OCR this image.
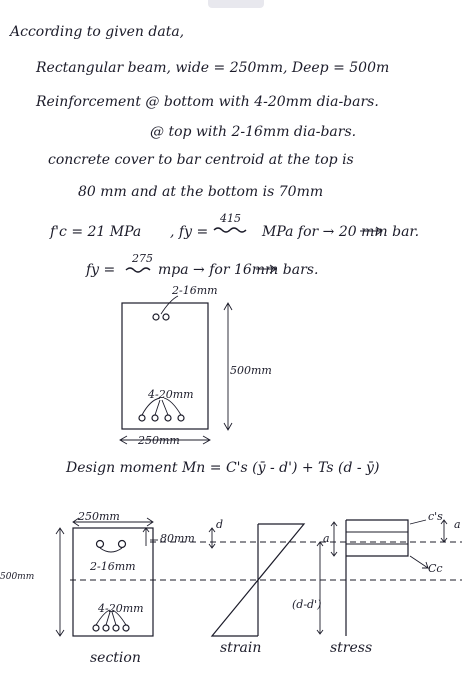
According to given data,
Rectangular beam, wide = 250mm, Deep = 500m
Reinforcement @ bottom with 4-20mm dia-bars.
@ top with 2-16mm dia-bars.
concrete cover to bar centroid at the top is
80 mm and at the bottom is 70mm
f'c = 21 MPa , fy =
415
MPa for → 20 mm bar.
fy =
275
mpa → for 16mm bars.
2-16mm
500mm
4-20mm
250mm
Design moment Mn = C's (ȳ - d') + Ts (d - ȳ)
250mm
500mm
80mm
d
2-16mm
4-20mm
section
strain	stress
(d-d')
a
c's
Cc
a
